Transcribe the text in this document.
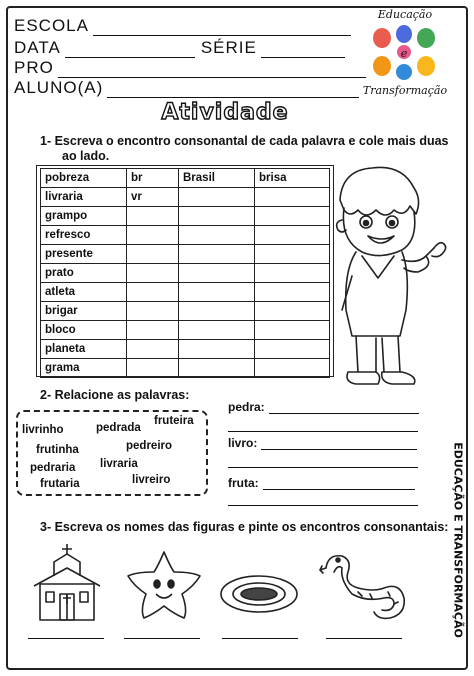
ESCOLA
DATA	SÉRIE
PRO
ALUNO(A)
Educação
e
Transformação
Atividade
1- Escreva o encontro consonantal de cada palavra e cole mais duas
ao lado.
pobreza	br	Brasil	brisa
livraria	vr		
grampo			
refresco			
presente			
prato			
atleta			
brigar			
bloco			
planeta			
grama			
EDUCAÇÃO E TRANSFORMAÇÃO
2- Relacione as palavras:
livrinho	pedrada
fruteira
frutinha	pedreiro
pedraria livraria
frutaria	livreiro
pedra:
livro:
fruta:
3- Escreva os nomes das figuras e pinte os encontros consonantais:
